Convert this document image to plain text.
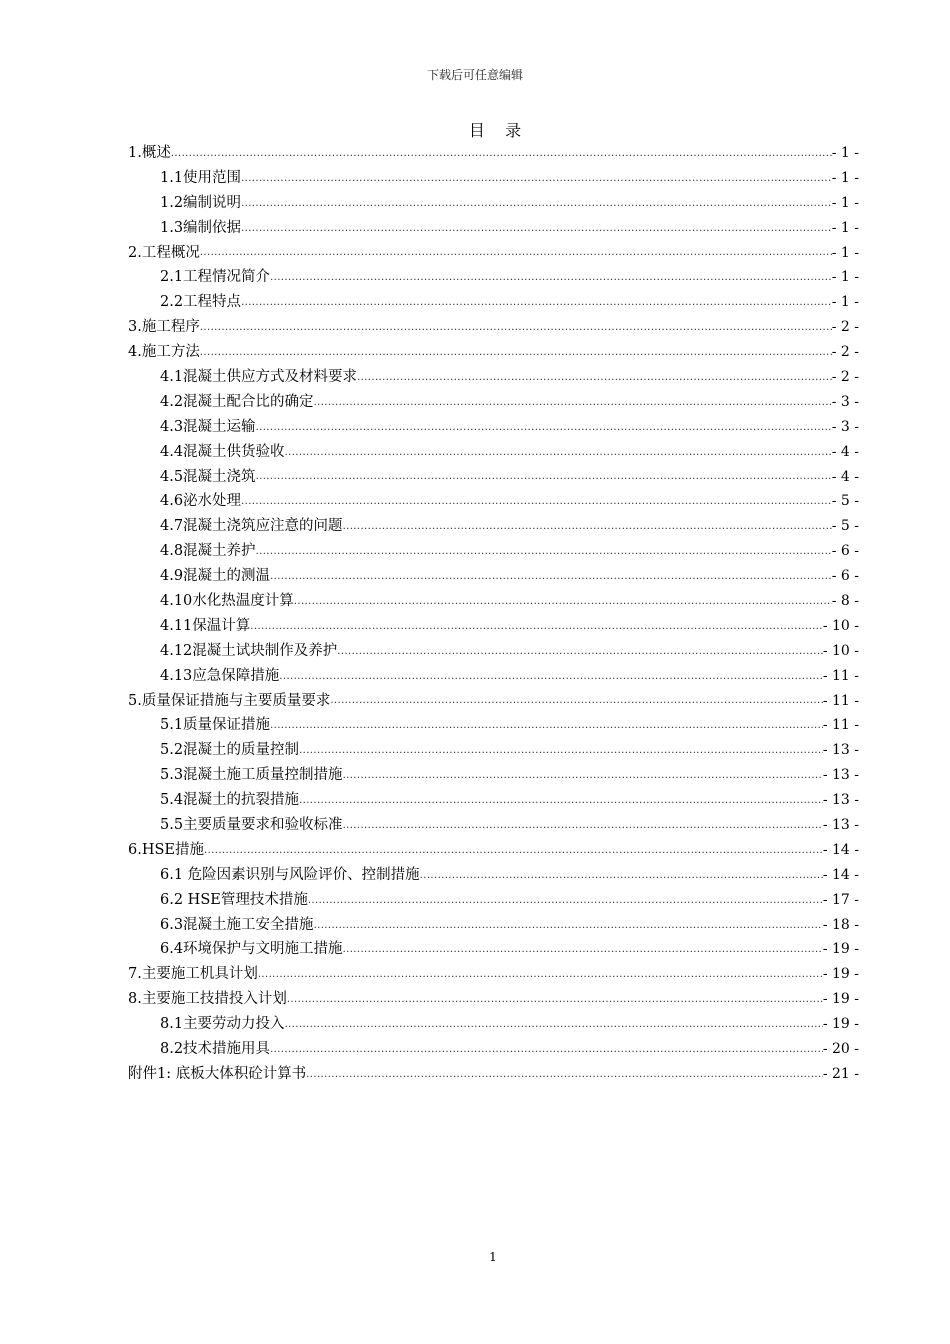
下载后可任意编辑
目    录
1.概述 .....	- 1 -
1.1使用范围 .....	- 1 -
1.2编制说明 .....	- 1 -
1.3编制依据 .....	- 1 -
2.工程概况 .....	- 1 -
2.1工程情况简介 .....	- 1 -
2.2工程特点 .....	- 1 -
3.施工程序 .....	- 2 -
4.施工方法 .....	- 2 -
4.1混凝土供应方式及材料要求 .....	- 2 -
4.2混凝土配合比的确定 .....	- 3 -
4.3混凝土运输 .....	- 3 -
4.4混凝土供货验收 .....	- 4 -
4.5混凝土浇筑 .....	- 4 -
4.6泌水处理 .....	- 5 -
4.7混凝土浇筑应注意的问题 .....	- 5 -
4.8混凝土养护 .....	- 6 -
4.9混凝土的测温 .....	- 6 -
4.10水化热温度计算 .....	- 8 -
4.11保温计算 .....	- 10 -
4.12混凝土试块制作及养护 .....	- 10 -
4.13应急保障措施 .....	- 11 -
5.质量保证措施与主要质量要求 .....	- 11 -
5.1质量保证措施 .....	- 11 -
5.2混凝土的质量控制 .....	- 13 -
5.3混凝土施工质量控制措施 .....	- 13 -
5.4混凝土的抗裂措施 .....	- 13 -
5.5主要质量要求和验收标准 .....	- 13 -
6.HSE措施 .....	- 14 -
6.1 危险因素识别与风险评价、控制措施 .....	- 14 -
6.2 HSE管理技术措施 .....	- 17 -
6.3混凝土施工安全措施 .....	- 18 -
6.4环境保护与文明施工措施 .....	- 19 -
7.主要施工机具计划 .....	- 19 -
8.主要施工技措投入计划 .....	- 19 -
8.1主要劳动力投入 .....	- 19 -
8.2技术措施用具 .....	- 20 -
附件1: 底板大体积砼计算书 .....	- 21 -
1
